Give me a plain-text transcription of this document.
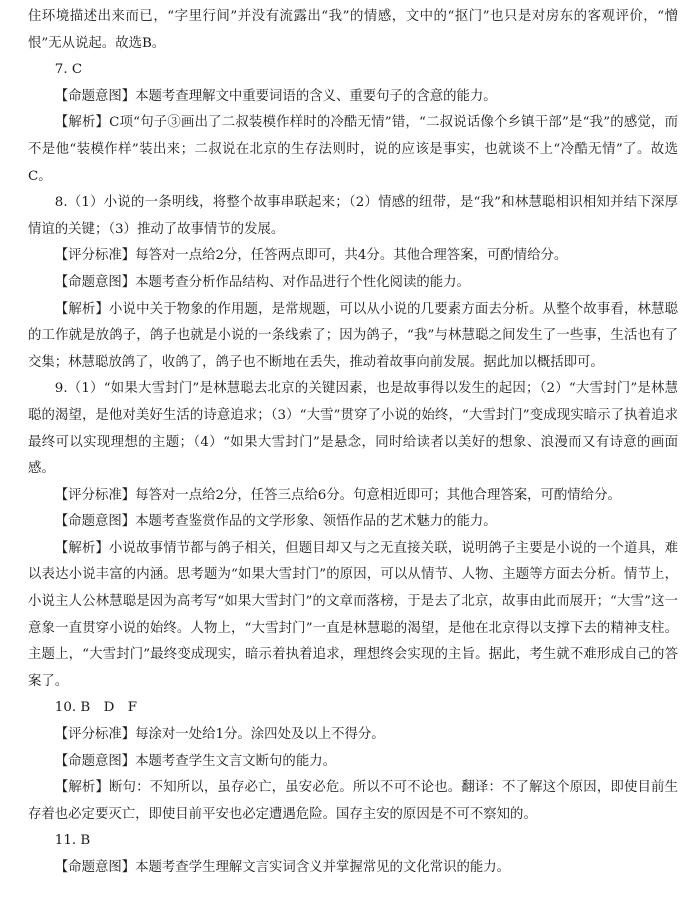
住环境描述出来而已，“字里行间”并没有流露出“我”的情感，文中的“抠门”也只是对房东的客观评价，“憎恨”无从说起。故选B。

7. C

【命题意图】本题考查理解文中重要词语的含义、重要句子的含意的能力。

【解析】C项“句子③画出了二叔装模作样时的冷酷无情”错，“二叔说话像个乡镇干部”是“我”的感觉，而不是他“装模作样”装出来；二叔说在北京的生存法则时，说的应该是事实，也就谈不上“冷酷无情”了。故选C。

8.（1）小说的一条明线，将整个故事串联起来；（2）情感的纽带，是“我”和林慧聪相识相知并结下深厚情谊的关键；（3）推动了故事情节的发展。

【评分标准】每答对一点给2分，任答两点即可，共4分。其他合理答案，可酌情给分。

【命题意图】本题考查分析作品结构、对作品进行个性化阅读的能力。

【解析】小说中关于物象的作用题，是常规题，可以从小说的几要素方面去分析。从整个故事看，林慧聪的工作就是放鸽子，鸽子也就是小说的一条线索了；因为鸽子，“我”与林慧聪之间发生了一些事，生活也有了交集；林慧聪放鸽了，收鸽了，鸽子也不断地在丢失，推动着故事向前发展。据此加以概括即可。

9.（1）“如果大雪封门”是林慧聪去北京的关键因素，也是故事得以发生的起因；（2）“大雪封门”是林慧聪的渴望，是他对美好生活的诗意追求；（3）“大雪”贯穿了小说的始终，“大雪封门”变成现实暗示了执着追求最终可以实现理想的主题；（4）“如果大雪封门”是悬念，同时给读者以美好的想象、浪漫而又有诗意的画面感。

【评分标准】每答对一点给2分，任答三点给6分。句意相近即可；其他合理答案，可酌情给分。

【命题意图】本题考查鉴赏作品的文学形象、领悟作品的艺术魅力的能力。

【解析】小说故事情节都与鸽子相关，但题目却又与之无直接关联，说明鸽子主要是小说的一个道具，难以表达小说丰富的内涵。思考题为“如果大雪封门”的原因，可以从情节、人物、主题等方面去分析。情节上，小说主人公林慧聪是因为高考写“如果大雪封门”的文章而落榜，于是去了北京，故事由此而展开；“大雪”这一意象一直贯穿小说的始终。人物上，“大雪封门”一直是林慧聪的渴望，是他在北京得以支撑下去的精神支柱。主题上，“大雪封门”最终变成现实，暗示着执着追求，理想终会实现的主旨。据此，考生就不难形成自己的答案了。

10. B　D　F

【评分标准】每涂对一处给1分。涂四处及以上不得分。

【命题意图】本题考查学生文言文断句的能力。

【解析】断句：不知所以，虽存必亡，虽安必危。所以不可不论也。翻译：不了解这个原因，即使目前生存着也必定要灭亡，即使目前平安也必定遭遇危险。国存主安的原因是不可不察知的。

11. B

【命题意图】本题考查学生理解文言实词含义并掌握常见的文化常识的能力。
